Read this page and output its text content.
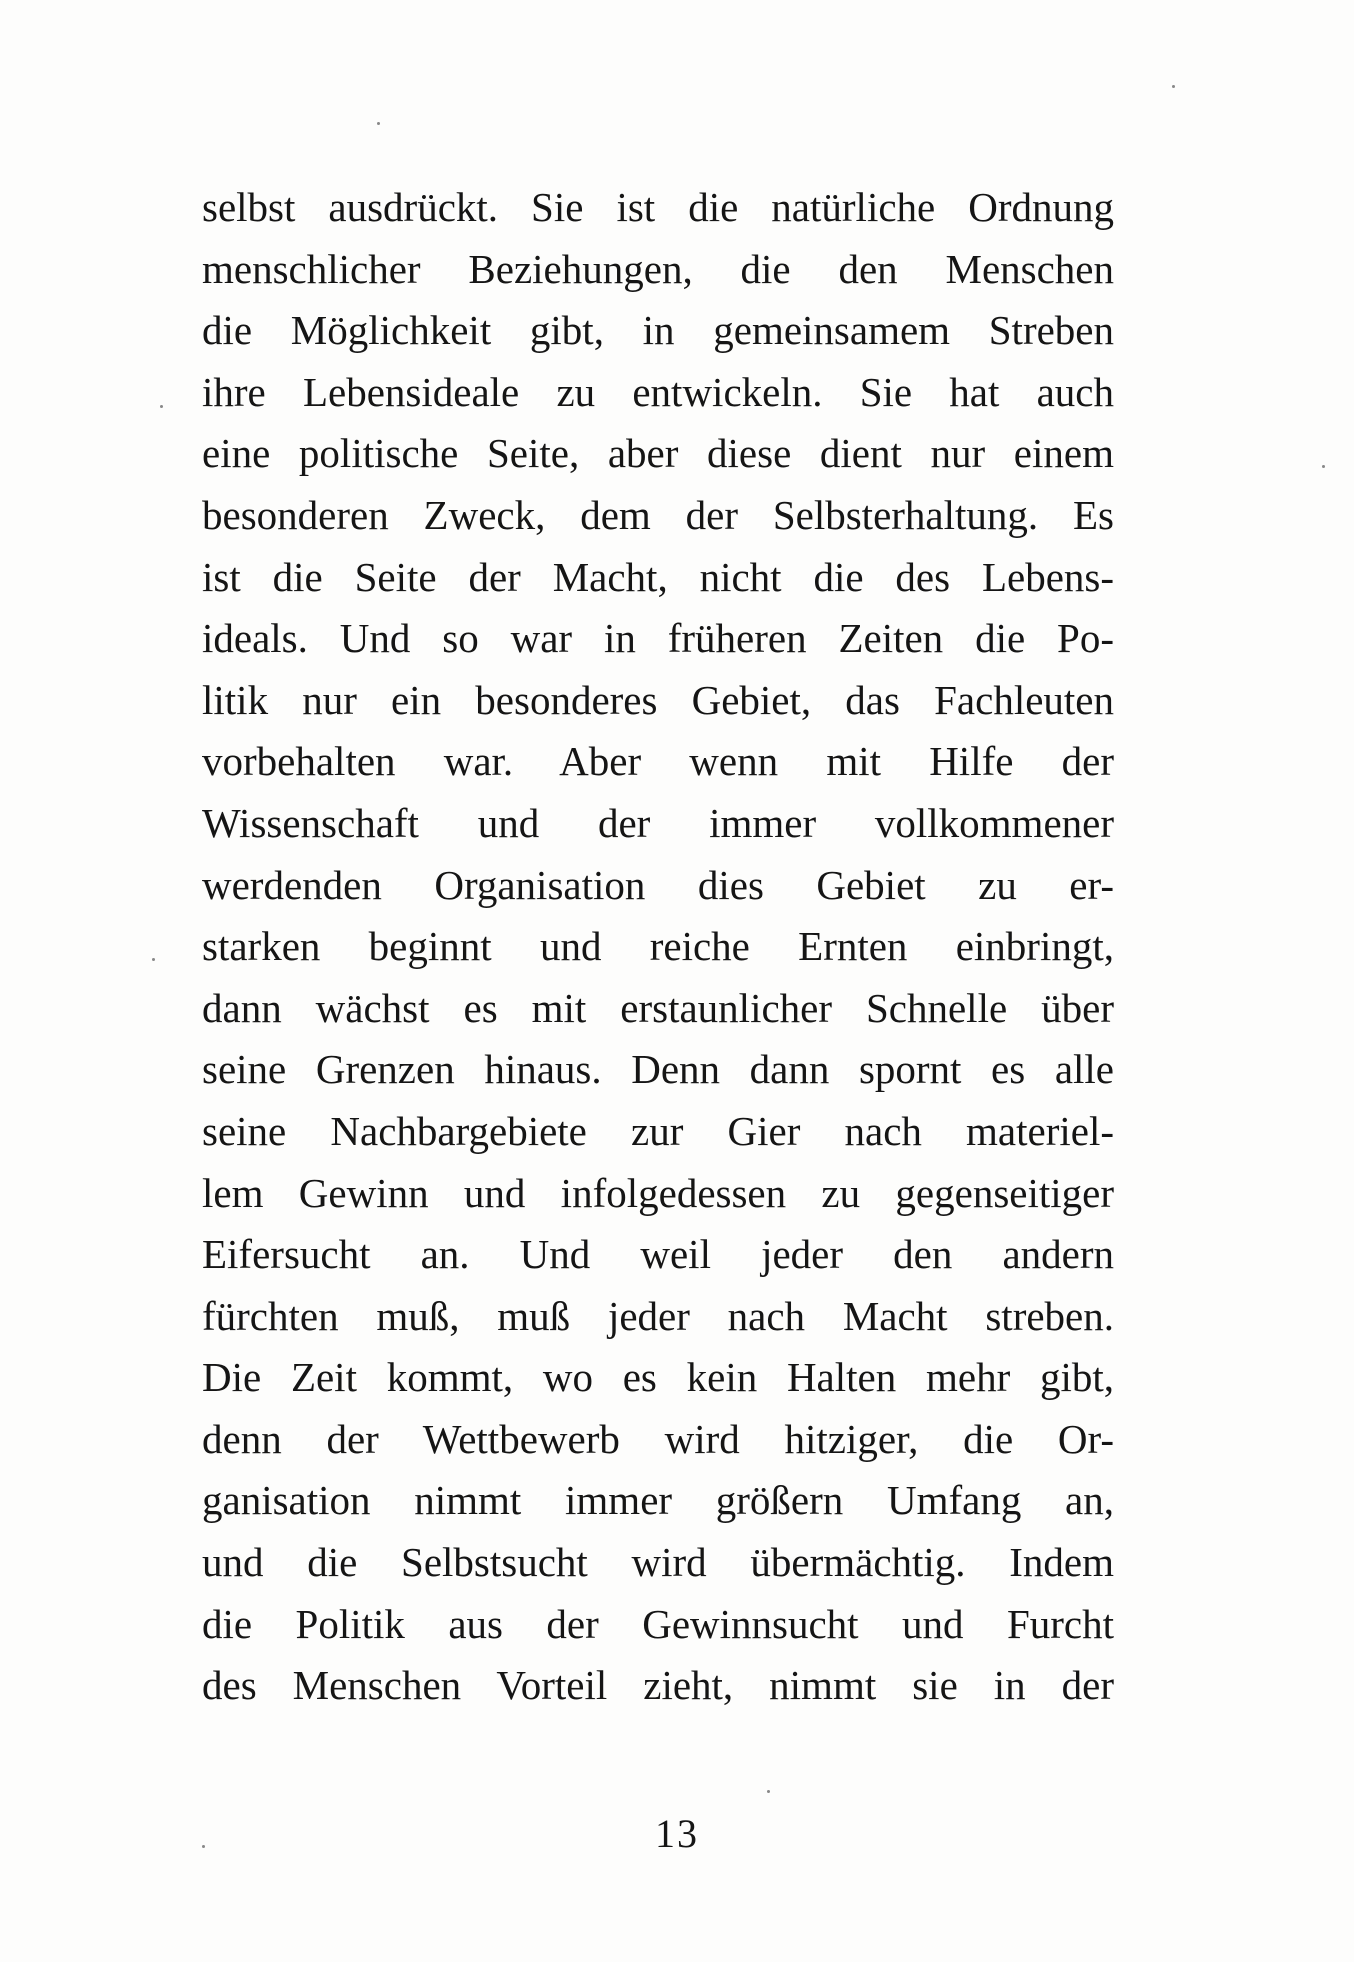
selbst ausdrückt. Sie ist die natürliche Ordnung
menschlicher Beziehungen, die den Menschen
die Möglichkeit gibt, in gemeinsamem Streben
ihre Lebensideale zu entwickeln. Sie hat auch
eine politische Seite, aber diese dient nur einem
besonderen Zweck, dem der Selbsterhaltung. Es
ist die Seite der Macht, nicht die des Lebens-
ideals. Und so war in früheren Zeiten die Po-
litik nur ein besonderes Gebiet, das Fachleuten
vorbehalten war. Aber wenn mit Hilfe der
Wissenschaft und der immer vollkommener
werdenden Organisation dies Gebiet zu er-
starken beginnt und reiche Ernten einbringt,
dann wächst es mit erstaunlicher Schnelle über
seine Grenzen hinaus. Denn dann spornt es alle
seine Nachbargebiete zur Gier nach materiel-
lem Gewinn und infolgedessen zu gegenseitiger
Eifersucht an. Und weil jeder den andern
fürchten muß, muß jeder nach Macht streben.
Die Zeit kommt, wo es kein Halten mehr gibt,
denn der Wettbewerb wird hitziger, die Or-
ganisation nimmt immer größern Umfang an,
und die Selbstsucht wird übermächtig. Indem
die Politik aus der Gewinnsucht und Furcht
des Menschen Vorteil zieht, nimmt sie in der
13
